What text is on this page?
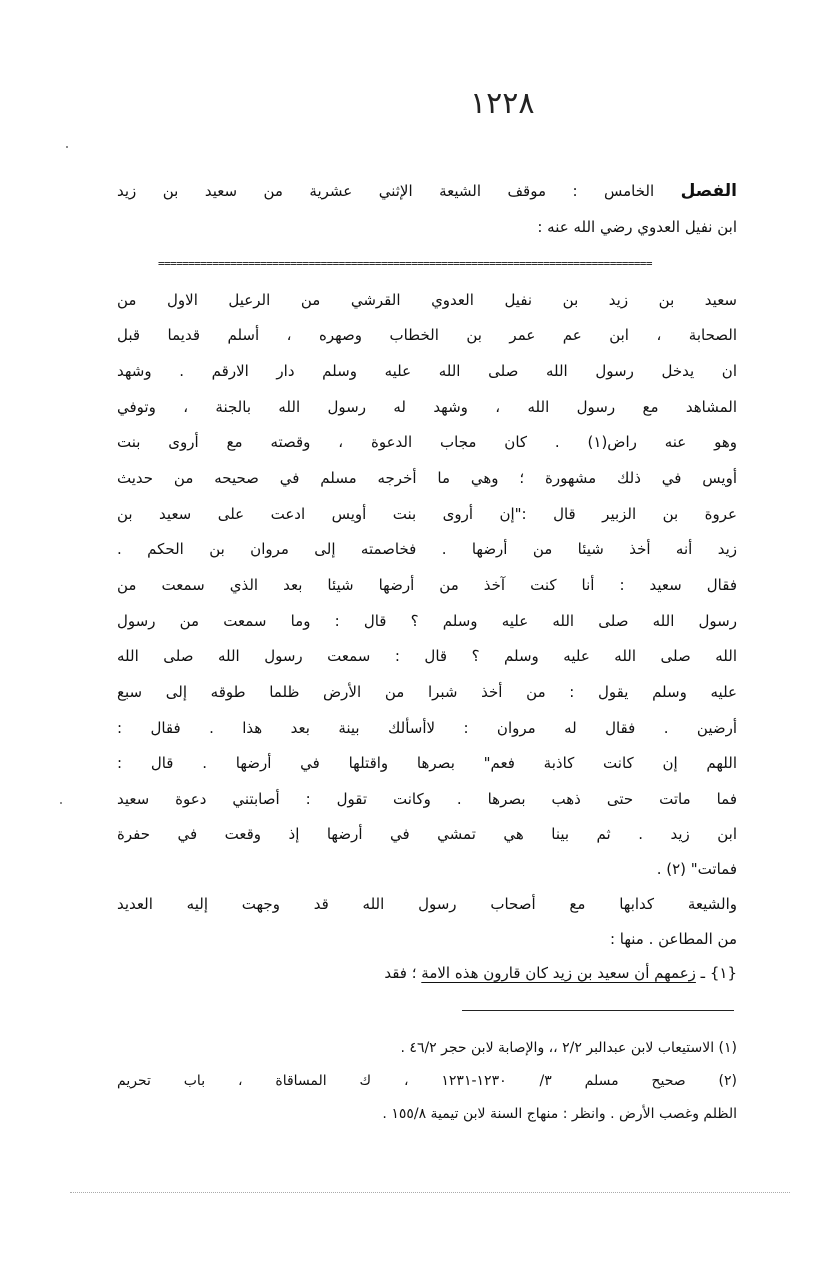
١٢٢٨
الفصل الخامس : موقف الشيعة الإثني عشرية من سعيد بن زيد
ابن نفيل العدوي رضي الله عنه :
==================================================================================
سعيد بن زيد بن نفيل العدوي القرشي من الرعيل الاول من
الصحابة ، ابن عم عمر بن الخطاب وصهره ، أسلم قديما قبل
ان يدخل رسول الله صلى الله عليه وسلم دار الارقم . وشهد
المشاهد مع رسول الله ، وشهد له رسول الله بالجنة ، وتوفي
وهو عنه راض(١) . كان مجاب الدعوة ، وقصته مع أروى بنت
أويس في ذلك مشهورة ؛ وهي ما أخرجه مسلم في صحيحه من حديث
عروة بن الزبير قال :"إن أروى بنت أويس ادعت على سعيد بن
زيد أنه أخذ شيئا من أرضها . فخاصمته إلى مروان بن الحكم .
فقال سعيد : أنا كنت آخذ من أرضها شيئا بعد الذي سمعت من
رسول الله صلى الله عليه وسلم ؟ قال : وما سمعت من رسول
الله صلى الله عليه وسلم ؟ قال : سمعت رسول الله صلى الله
عليه وسلم يقول : من أخذ شبرا من الأرض ظلما طوقه إلى سبع
أرضين . فقال له مروان : لاأسألك بينة بعد هذا . فقال :
اللهم إن كانت كاذبة فعم" بصرها واقتلها في أرضها . قال :
فما ماتت حتى ذهب بصرها . وكانت تقول : أصابتني دعوة سعيد
ابن زيد . ثم بينا هي تمشي في أرضها إذ وقعت في حفرة
فماتت" (٢) .
والشيعة كدابها مع أصحاب رسول الله قد وجهت إليه العديد
من المطاعن . منها :
{١} ـ زعمهم أن سعيد بن زيد كان قارون هذه الامة ؛ فقد
(١) الاستيعاب لابن عبدالبر ٢/٢ ،، والإصابة لابن حجر ٤٦/٢ .
(٢) صحيح مسلم ٣/ ١٢٣٠-١٢٣١ ، ك المساقاة ، باب تحريم
الظلم وغصب الأرض . وانظر : منهاج السنة لابن تيمية ١٥٥/٨ .
